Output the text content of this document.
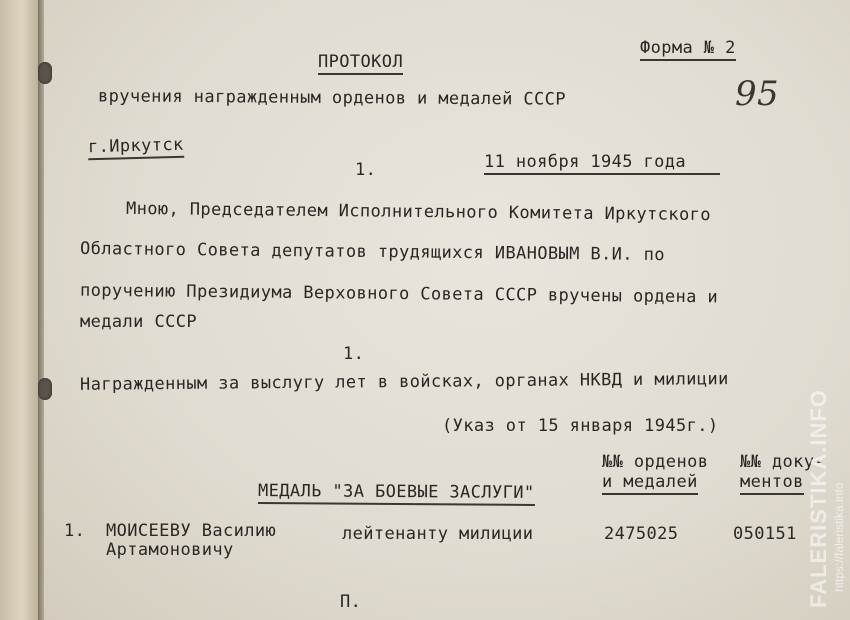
ПРОТОКОЛ
Форма № 2
95
вручения награжденным орденов и медалей СССР
г.Иркутск
1.	11 ноября 1945 года
Мною, Председателем Исполнительного Комитета Иркутского
Областного Совета депутатов трудящихся ИВАНОВЫМ В.И. по
поручению Президиума Верховного Совета СССР вручены ордена и
медали СССР
1.
Награжденным за выслугу лет в войсках, органах НКВД и милиции
(Указ от 15 января 1945г.)
№№ орденов
и медалей
№№ доку-
ментов
МЕДАЛЬ "ЗА БОЕВЫЕ ЗАСЛУГИ"
1. МОИСЕЕВУ Василию
Артамоновичу
лейтенанту милиции	2475025	050151
П.	FALERISTIKA.INFO https://faleristika.info
